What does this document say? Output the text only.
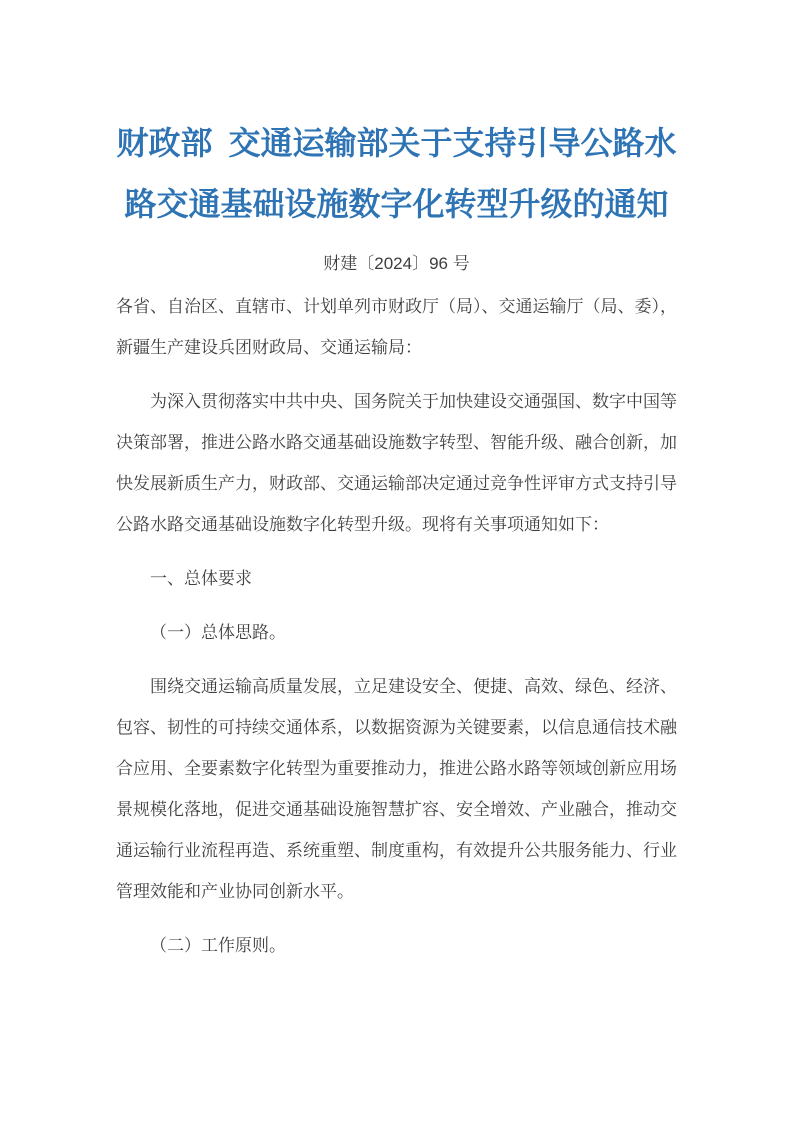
财政部 交通运输部关于支持引导公路水路交通基础设施数字化转型升级的通知

财建〔2024〕96 号

各省、自治区、直辖市、计划单列市财政厅（局）、交通运输厅（局、委），新疆生产建设兵团财政局、交通运输局：

为深入贯彻落实中共中央、国务院关于加快建设交通强国、数字中国等决策部署，推进公路水路交通基础设施数字转型、智能升级、融合创新，加快发展新质生产力，财政部、交通运输部决定通过竞争性评审方式支持引导公路水路交通基础设施数字化转型升级。现将有关事项通知如下：

一、总体要求

（一）总体思路。

围绕交通运输高质量发展，立足建设安全、便捷、高效、绿色、经济、包容、韧性的可持续交通体系，以数据资源为关键要素，以信息通信技术融合应用、全要素数字化转型为重要推动力，推进公路水路等领域创新应用场景规模化落地，促进交通基础设施智慧扩容、安全增效、产业融合，推动交通运输行业流程再造、系统重塑、制度重构，有效提升公共服务能力、行业管理效能和产业协同创新水平。

（二）工作原则。
